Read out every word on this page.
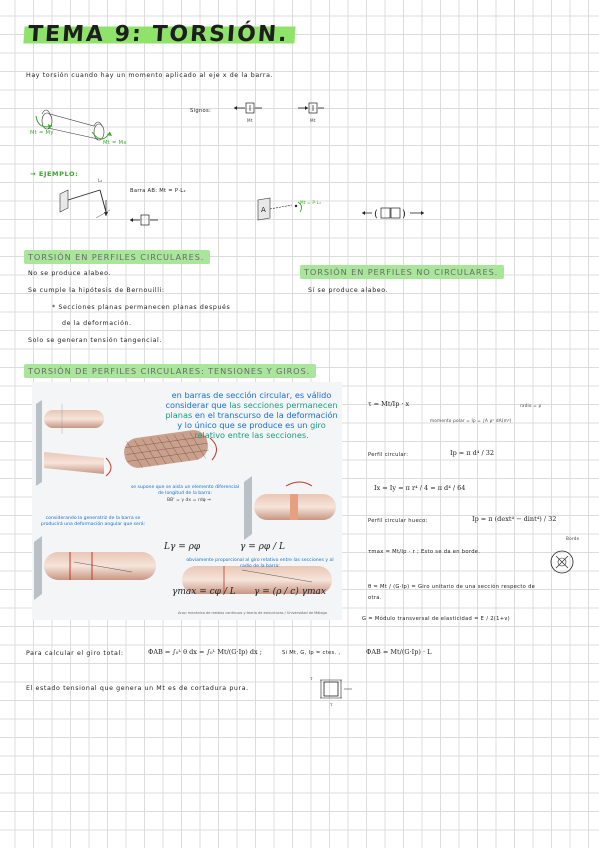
TEMA 9: TORSIÓN.
Hay torsión cuando hay un momento aplicado al eje x de la barra.
Mt = My
Mt = Mx
Signos:
Mt	Mt
→ EJEMPLO:
L₂
Barra AB: Mt = P·L₂
A
Mt = P·L₂
( )
TORSIÓN EN PERFILES CIRCULARES.
No se produce alabeo.
Se cumple la hipótesis de Bernouilli:
* Secciones planas permanecen planas después
de la deformación.
Solo se generan tensión tangencial.
TORSIÓN EN PERFILES NO CIRCULARES.
Sí se produce alabeo.
TORSIÓN DE PERFILES CIRCULARES: TENSIONES Y GIROS.
en barras de sección circular, es válido considerar que las secciones permanecen planas en el transcurso de la deformación y lo único que se produce es un giro relativo entre las secciones.
se supone que se aisla un elemento diferencial de longitud de la barra:
BB' = γ dx = rdφ ⇒
considerando la generatriz de la barra se producirá una deformación angular que será:
Lγ = ρφ	γ = ρφ / L
obviamente proporcional al giro relativo entre las secciones y al radio de la barra:
γmax = cφ / L γ = (ρ / c) γmax
Aroz: mecánica de medios continuos y teoría de estructuras / Universidad de Málaga
τ = Mt/Ip · x
momento polar = Ip = ∫A ρ² dA(m⁴)
radio = ρ
Perfil circular:	Ip = π d⁴ / 32
Ix = Iy = π r⁴ / 4 = π d⁴ / 64
Perfil circular hueco:	Ip = π (dext⁴ − dint⁴) / 32
τmax = Mt/Ip · r ; Esto se da en borde.
Borde
θ = Mt / (G·Ip) = Giro unitario de una sección respecto de otra.
G = Módulo transversal de elasticidad = E / 2(1+ν)
Para calcular el giro total:	ΦAB = ∫₀ᴸ θ dx = ∫₀ᴸ Mt/(G·Ip) dx ;	Si Mt, G, Ip = ctes. ,	ΦAB = Mt/(G·Ip) · L
El estado tensional que genera un Mt es de cortadura pura.
τ
τ
